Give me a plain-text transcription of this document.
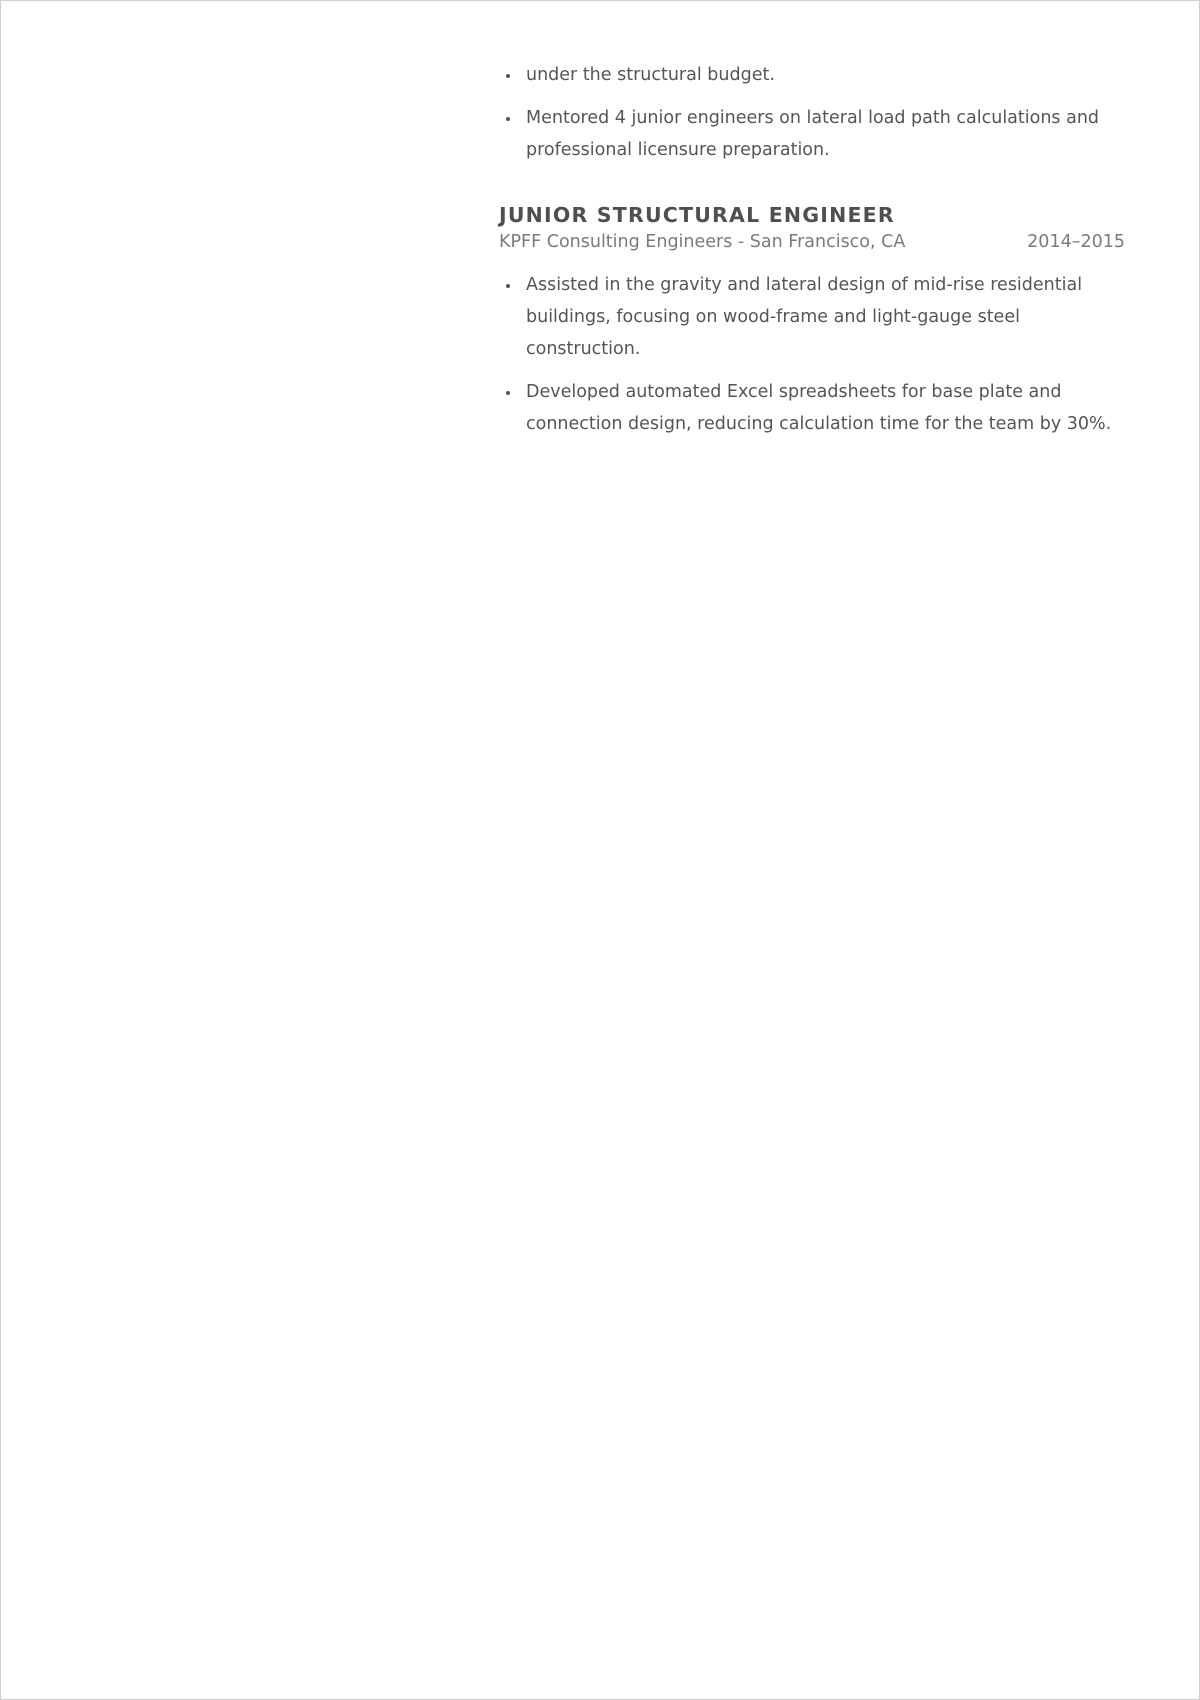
under the structural budget.
Mentored 4 junior engineers on lateral load path calculations and professional licensure preparation.
JUNIOR STRUCTURAL ENGINEER
KPFF Consulting Engineers - San Francisco, CA	2014–2015
Assisted in the gravity and lateral design of mid-rise residential buildings, focusing on wood-frame and light-gauge steel construction.
Developed automated Excel spreadsheets for base plate and connection design, reducing calculation time for the team by 30%.
